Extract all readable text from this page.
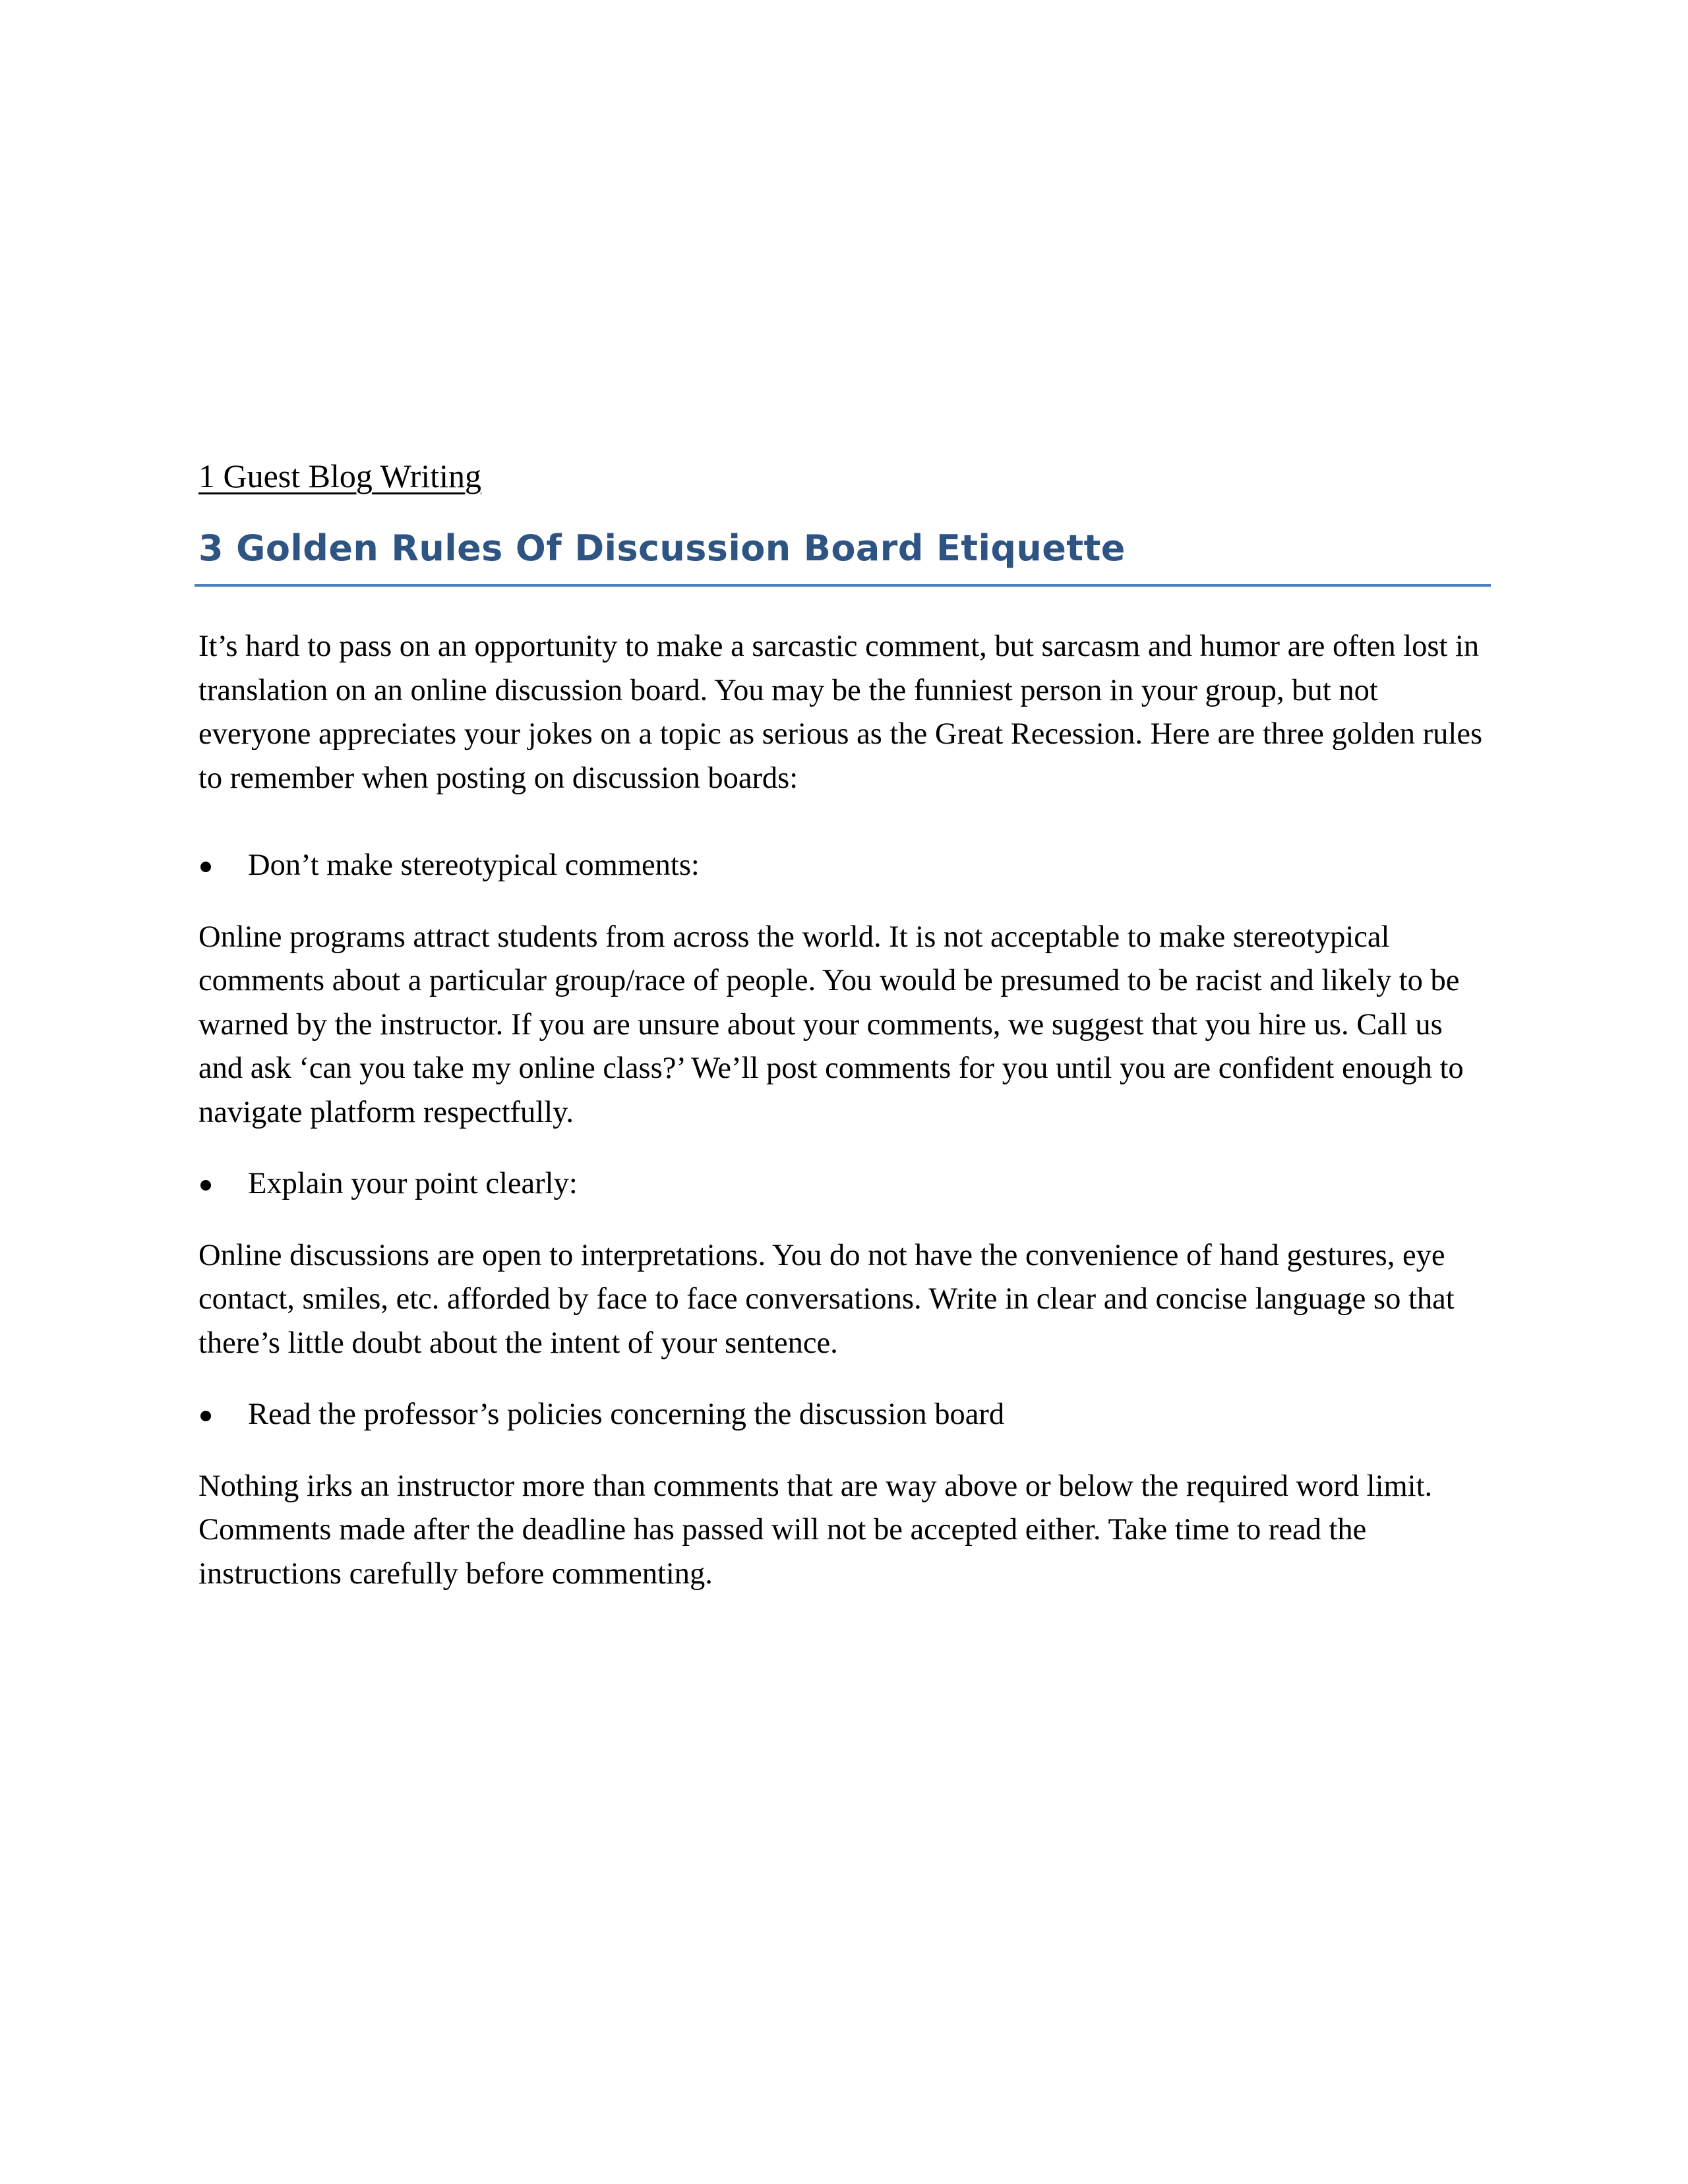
1 Guest Blog Writing
3 Golden Rules Of Discussion Board Etiquette

It’s hard to pass on an opportunity to make a sarcastic comment, but sarcasm and humor are often lost in translation on an online discussion board. You may be the funniest person in your group, but not everyone appreciates your jokes on a topic as serious as the Great Recession. Here are three golden rules to remember when posting on discussion boards:

Don’t make stereotypical comments:

Online programs attract students from across the world. It is not acceptable to make stereotypical comments about a particular group/race of people. You would be presumed to be racist and likely to be warned by the instructor. If you are unsure about your comments, we suggest that you hire us. Call us and ask ‘can you take my online class?’ We’ll post comments for you until you are confident enough to navigate platform respectfully.

Explain your point clearly:

Online discussions are open to interpretations. You do not have the convenience of hand gestures, eye contact, smiles, etc. afforded by face to face conversations. Write in clear and concise language so that there’s little doubt about the intent of your sentence.

Read the professor’s policies concerning the discussion board

Nothing irks an instructor more than comments that are way above or below the required word limit. Comments made after the deadline has passed will not be accepted either. Take time to read the instructions carefully before commenting.
